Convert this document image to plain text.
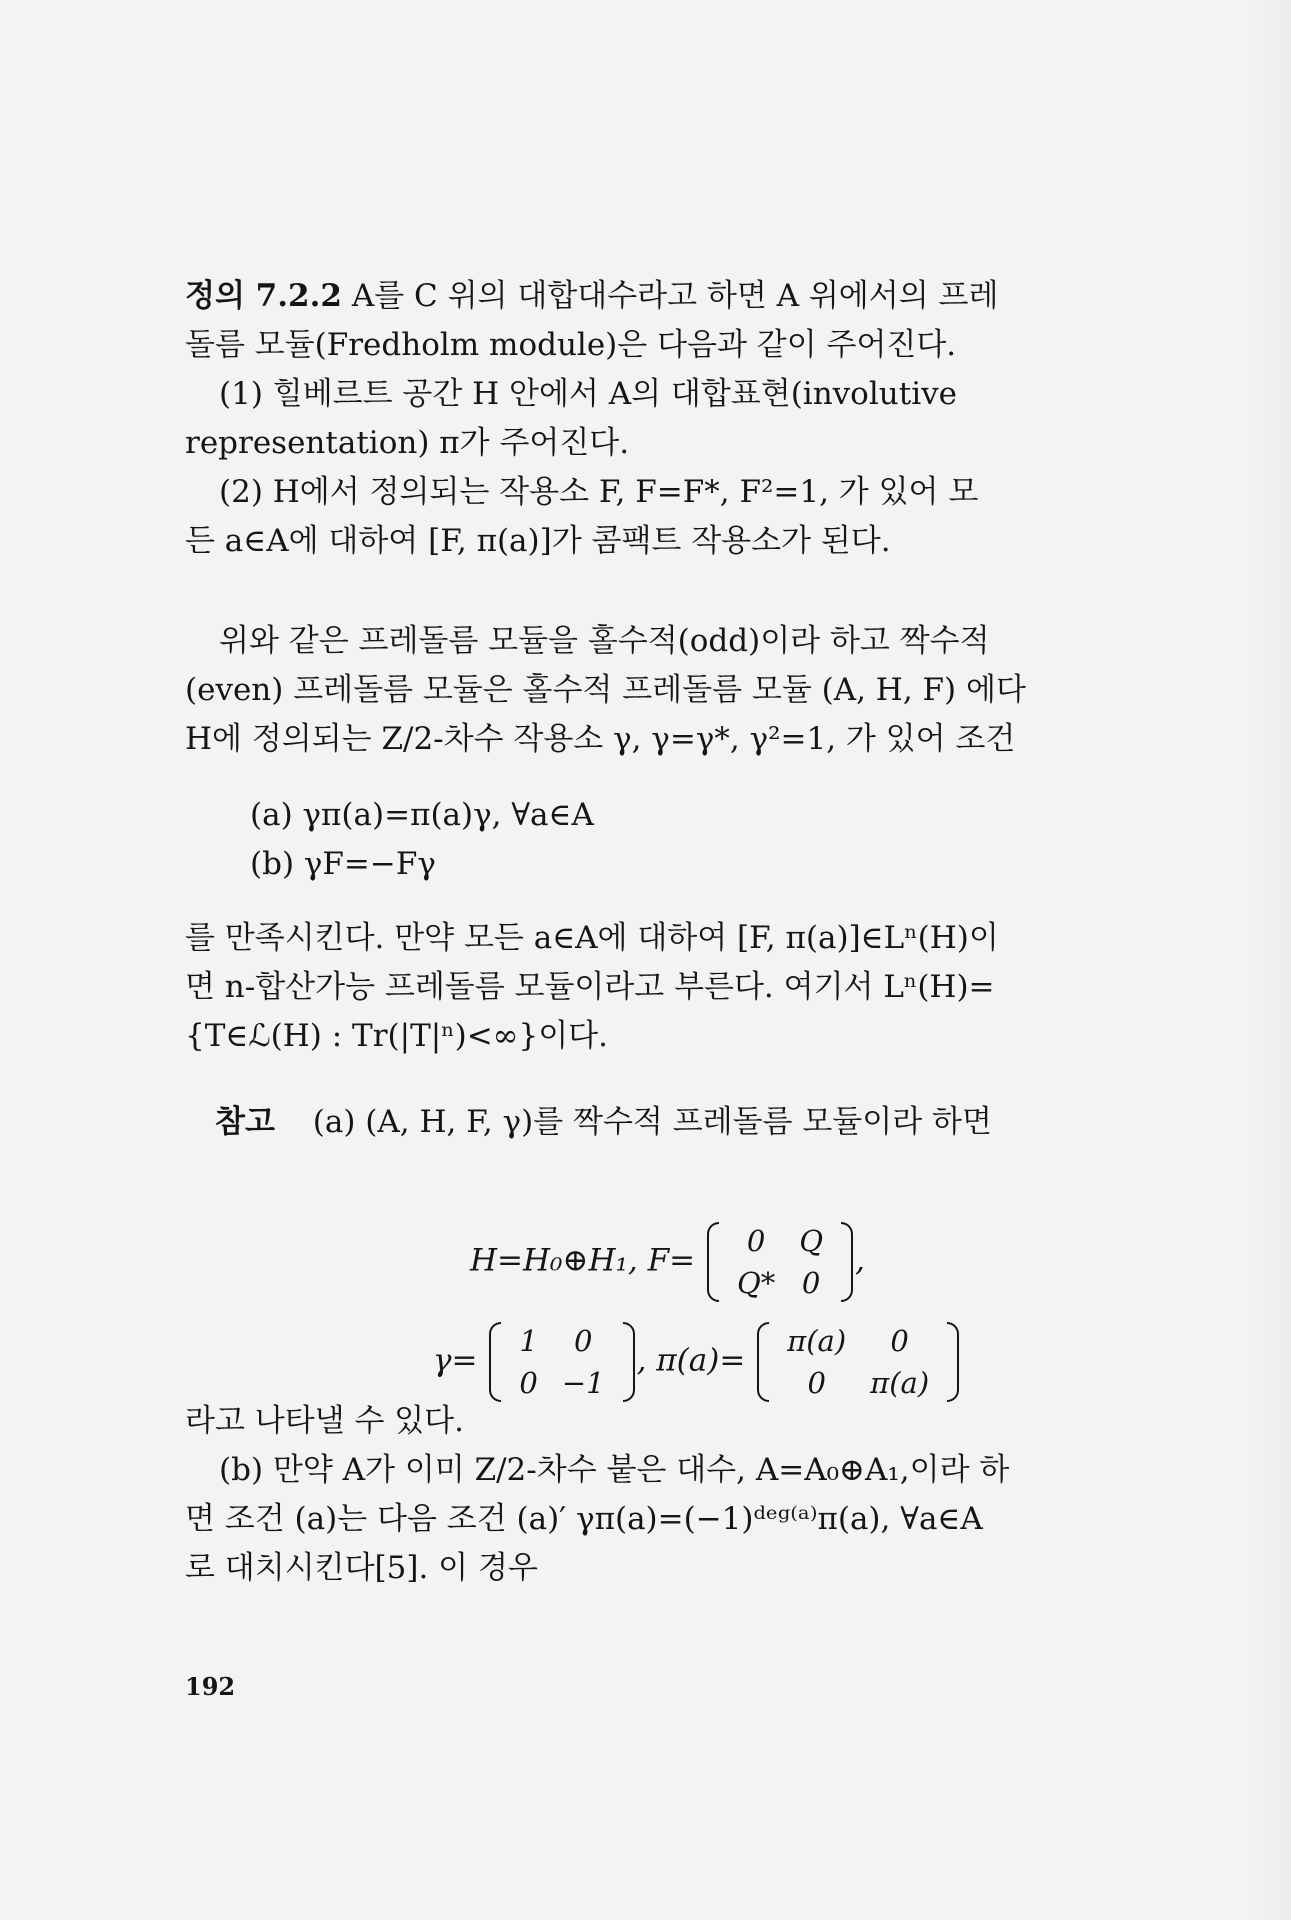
정의 7.2.2 A를 C 위의 대합대수라고 하면 A 위에서의 프레

돌름 모듈(Fredholm module)은 다음과 같이 주어진다.

(1) 힐베르트 공간 H 안에서 A의 대합표현(involutive

representation) π가 주어진다.

(2) H에서 정의되는 작용소 F, F=F*, F²=1, 가 있어 모

든 a∈A에 대하여 [F, π(a)]가 콤팩트 작용소가 된다.

위와 같은 프레돌름 모듈을 홀수적(odd)이라 하고 짝수적

(even) 프레돌름 모듈은 홀수적 프레돌름 모듈 (A, H, F) 에다

H에 정의되는 Z/2-차수 작용소 γ, γ=γ*, γ²=1, 가 있어 조건

(a) γπ(a)=π(a)γ, ∀a∈A
(b) γF=−Fγ

를 만족시킨다. 만약 모든 a∈A에 대하여 [F, π(a)]∈Lⁿ(H)이

면 n-합산가능 프레돌름 모듈이라고 부른다. 여기서 Lⁿ(H)=

{T∈ℒ(H) : Tr(|T|ⁿ)<∞}이다.

참고 (a) (A, H, F, γ)를 짝수적 프레돌름 모듈이라 하면
H=H₀⊕H₁, F=
0	Q
Q*	0
,
γ=
1	0
0	−1
, π(a)=
π(a)	0
0	π(a)

라고 나타낼 수 있다.

(b) 만약 A가 이미 Z/2-차수 붙은 대수, A=A₀⊕A₁,이라 하

면 조건 (a)는 다음 조건 (a)′ γπ(a)=(−1)ᵈᵉᵍ⁽ᵃ⁾π(a), ∀a∈A

로 대치시킨다[5]. 이 경우

192
